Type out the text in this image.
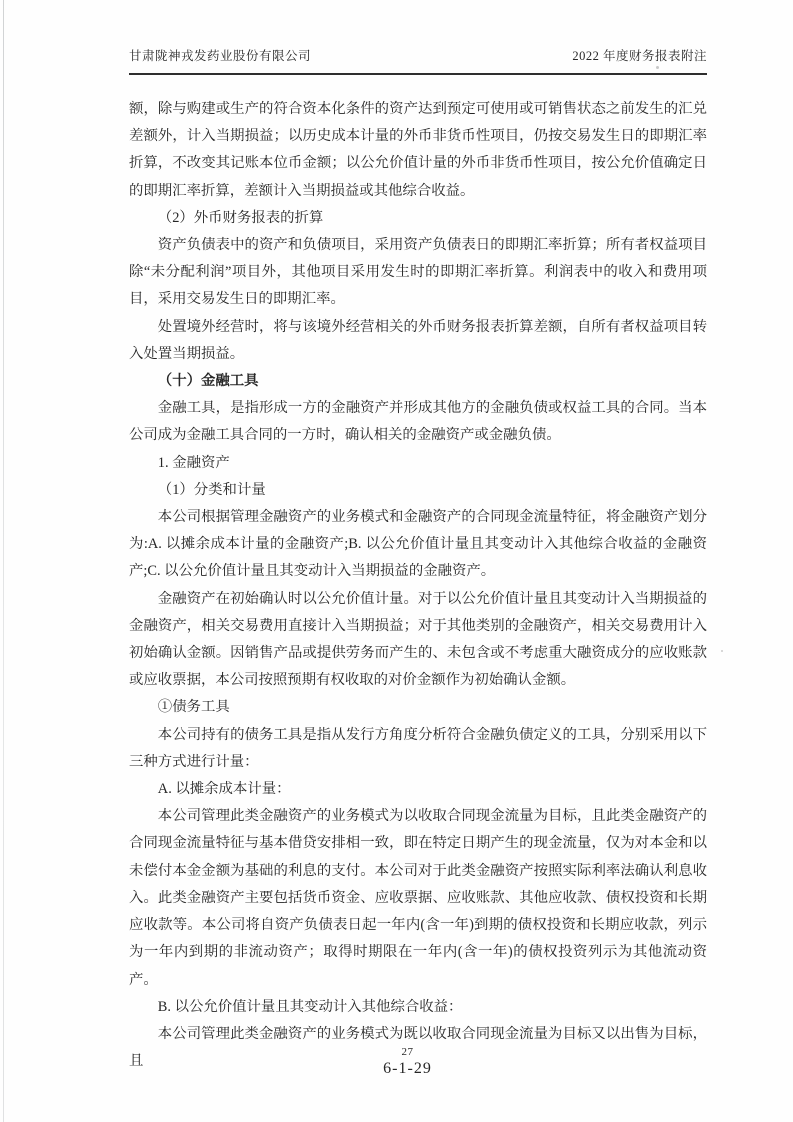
甘肃陇神戎发药业股份有限公司	2022 年度财务报表附注

额，除与购建或生产的符合资本化条件的资产达到预定可使用或可销售状态之前发生的汇兑差额外，计入当期损益；以历史成本计量的外币非货币性项目，仍按交易发生日的即期汇率折算，不改变其记账本位币金额；以公允价值计量的外币非货币性项目，按公允价值确定日的即期汇率折算，差额计入当期损益或其他综合收益。

（2）外币财务报表的折算

资产负债表中的资产和负债项目，采用资产负债表日的即期汇率折算；所有者权益项目除“未分配利润”项目外，其他项目采用发生时的即期汇率折算。利润表中的收入和费用项目，采用交易发生日的即期汇率。

处置境外经营时，将与该境外经营相关的外币财务报表折算差额，自所有者权益项目转入处置当期损益。

（十）金融工具

金融工具，是指形成一方的金融资产并形成其他方的金融负债或权益工具的合同。当本公司成为金融工具合同的一方时，确认相关的金融资产或金融负债。

1. 金融资产

（1）分类和计量

本公司根据管理金融资产的业务模式和金融资产的合同现金流量特征，将金融资产划分为:A. 以摊余成本计量的金融资产;B. 以公允价值计量且其变动计入其他综合收益的金融资产;C. 以公允价值计量且其变动计入当期损益的金融资产。

金融资产在初始确认时以公允价值计量。对于以公允价值计量且其变动计入当期损益的金融资产，相关交易费用直接计入当期损益；对于其他类别的金融资产，相关交易费用计入初始确认金额。因销售产品或提供劳务而产生的、未包含或不考虑重大融资成分的应收账款或应收票据，本公司按照预期有权收取的对价金额作为初始确认金额。

①债务工具

本公司持有的债务工具是指从发行方角度分析符合金融负债定义的工具，分别采用以下三种方式进行计量：

A. 以摊余成本计量：

本公司管理此类金融资产的业务模式为以收取合同现金流量为目标，且此类金融资产的合同现金流量特征与基本借贷安排相一致，即在特定日期产生的现金流量，仅为对本金和以未偿付本金金额为基础的利息的支付。本公司对于此类金融资产按照实际利率法确认利息收入。此类金融资产主要包括货币资金、应收票据、应收账款、其他应收款、债权投资和长期应收款等。本公司将自资产负债表日起一年内(含一年)到期的债权投资和长期应收款，列示为一年内到期的非流动资产；取得时期限在一年内(含一年)的债权投资列示为其他流动资产。

B. 以公允价值计量且其变动计入其他综合收益：

本公司管理此类金融资产的业务模式为既以收取合同现金流量为目标又以出售为目标，且

27
6-1-29
